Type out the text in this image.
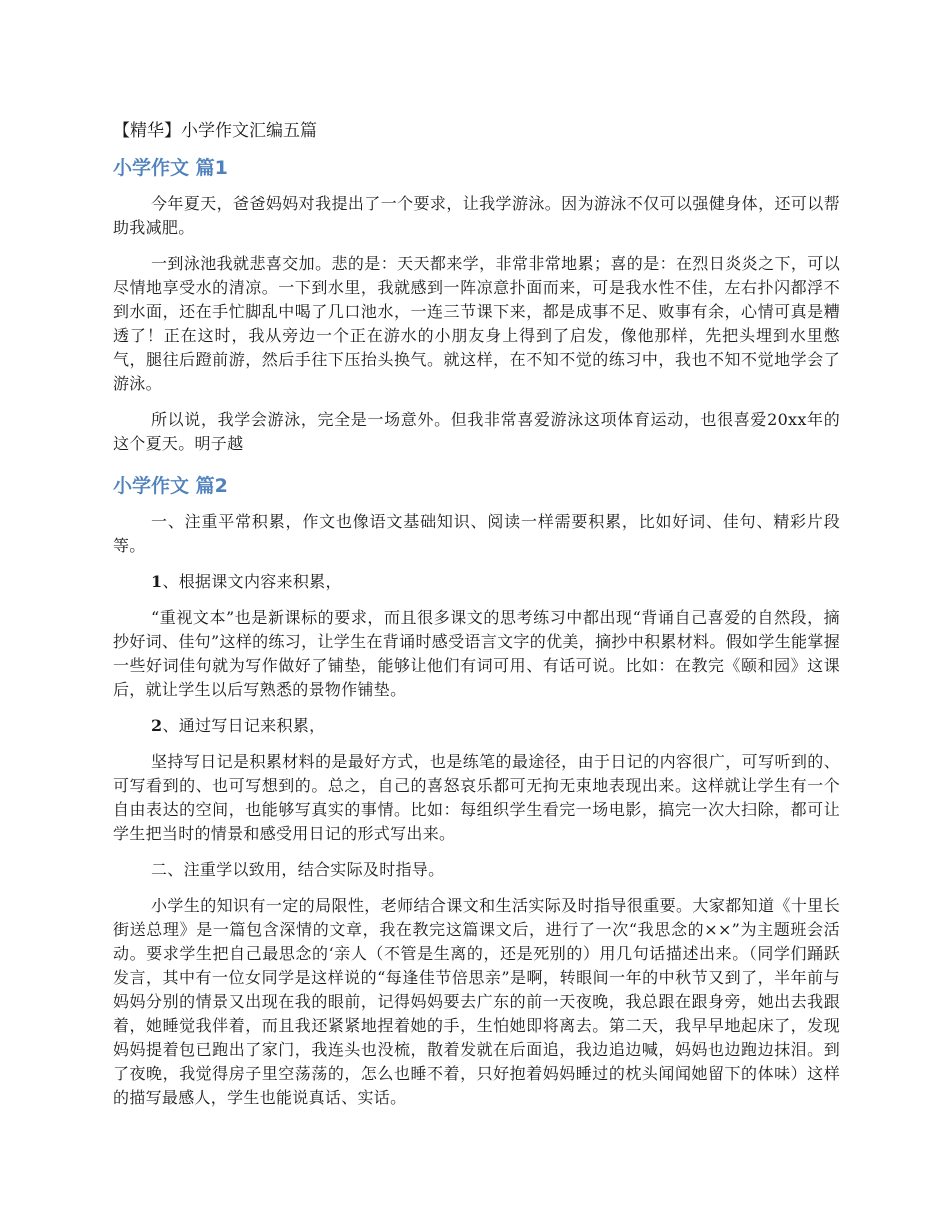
【精华】小学作文汇编五篇
小学作文 篇1

今年夏天，爸爸妈妈对我提出了一个要求，让我学游泳。因为游泳不仅可以强健身体，还可以帮助我减肥。

一到泳池我就悲喜交加。悲的是：天天都来学，非常非常地累；喜的是：在烈日炎炎之下，可以尽情地享受水的清凉。一下到水里，我就感到一阵凉意扑面而来，可是我水性不佳，左右扑闪都浮不到水面，还在手忙脚乱中喝了几口池水，一连三节课下来，都是成事不足、败事有余，心情可真是糟透了！正在这时，我从旁边一个正在游水的小朋友身上得到了启发，像他那样，先把头埋到水里憋气，腿往后蹬前游，然后手往下压抬头换气。就这样，在不知不觉的练习中，我也不知不觉地学会了游泳。

所以说，我学会游泳，完全是一场意外。但我非常喜爱游泳这项体育运动，也很喜爱20xx年的这个夏天。明子越

小学作文 篇2

一、注重平常积累，作文也像语文基础知识、阅读一样需要积累，比如好词、佳句、精彩片段等。

1、根据课文内容来积累，

“重视文本”也是新课标的要求，而且很多课文的思考练习中都出现“背诵自己喜爱的自然段，摘抄好词、佳句”这样的练习，让学生在背诵时感受语言文字的优美，摘抄中积累材料。假如学生能掌握一些好词佳句就为写作做好了铺垫，能够让他们有词可用、有话可说。比如：在教完《颐和园》这课后，就让学生以后写熟悉的景物作铺垫。

2、通过写日记来积累，

坚持写日记是积累材料的是最好方式，也是练笔的最途径，由于日记的内容很广，可写听到的、可写看到的、也可写想到的。总之，自己的喜怒哀乐都可无拘无束地表现出来。这样就让学生有一个自由表达的空间，也能够写真实的事情。比如：每组织学生看完一场电影，搞完一次大扫除，都可让学生把当时的情景和感受用日记的形式写出来。

二、注重学以致用，结合实际及时指导。

小学生的知识有一定的局限性，老师结合课文和生活实际及时指导很重要。大家都知道《十里长街送总理》是一篇包含深情的文章，我在教完这篇课文后，进行了一次“我思念的××”为主题班会活动。要求学生把自己最思念的‘亲人（不管是生离的，还是死别的）用几句话描述出来。（同学们踊跃发言，其中有一位女同学是这样说的“每逢佳节倍思亲”是啊，转眼间一年的中秋节又到了，半年前与妈妈分别的情景又出现在我的眼前，记得妈妈要去广东的前一天夜晚，我总跟在跟身旁，她出去我跟着，她睡觉我伴着，而且我还紧紧地捏着她的手，生怕她即将离去。第二天，我早早地起床了，发现妈妈提着包已跑出了家门，我连头也没梳，散着发就在后面追，我边追边喊，妈妈也边跑边抹泪。到了夜晚，我觉得房子里空荡荡的，怎么也睡不着，只好抱着妈妈睡过的枕头闻闻她留下的体味）这样的描写最感人，学生也能说真话、实话。
